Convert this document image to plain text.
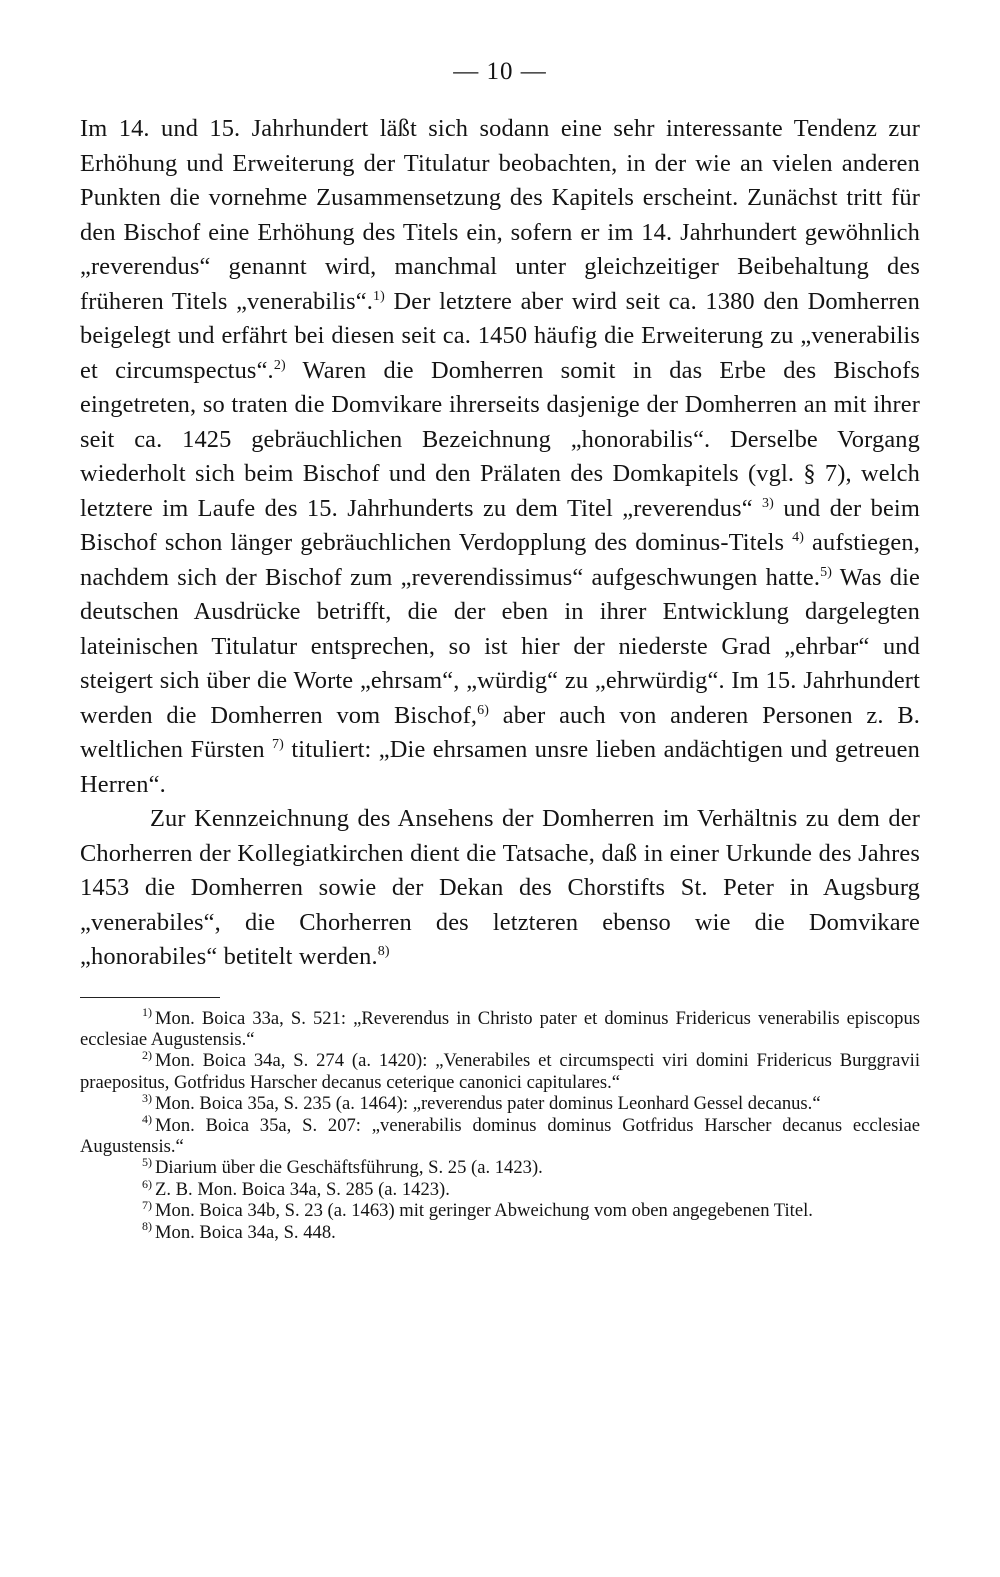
— 10 —

Im 14. und 15. Jahrhundert läßt sich sodann eine sehr interessante Tendenz zur Erhöhung und Erweiterung der Titulatur beobachten, in der wie an vielen anderen Punkten die vornehme Zusammensetzung des Kapitels erscheint. Zunächst tritt für den Bischof eine Erhöhung des Titels ein, sofern er im 14. Jahrhundert gewöhnlich „reverendus“ genannt wird, manchmal unter gleichzeitiger Beibehaltung des früheren Titels „venerabilis“.$^{1)}$ Der letztere aber wird seit ca. 1380 den Domherren beigelegt und erfährt bei diesen seit ca. 1450 häufig die Erweiterung zu „venerabilis et circumspectus“.$^{2)}$ Waren die Domherren somit in das Erbe des Bischofs eingetreten, so traten die Domvikare ihrerseits dasjenige der Domherren an mit ihrer seit ca. 1425 gebräuchlichen Bezeichnung „honorabilis“. Derselbe Vorgang wiederholt sich beim Bischof und den Prälaten des Domkapitels (vgl. § 7), welch letztere im Laufe des 15. Jahrhunderts zu dem Titel „reverendus“ $^{3)}$ und der beim Bischof schon länger gebräuchlichen Verdopplung des dominus-Titels $^{4)}$ aufstiegen, nachdem sich der Bischof zum „reverendissimus“ aufgeschwungen hatte.$^{5)}$ Was die deutschen Ausdrücke betrifft, die der eben in ihrer Entwicklung dargelegten lateinischen Titulatur entsprechen, so ist hier der niederste Grad „ehrbar“ und steigert sich über die Worte „ehrsam“, „würdig“ zu „ehrwürdig“. Im 15. Jahrhundert werden die Domherren vom Bischof,$^{6)}$ aber auch von anderen Personen z. B. weltlichen Fürsten $^{7)}$ tituliert: „Die ehrsamen unsre lieben andächtigen und getreuen Herren“.

Zur Kennzeichnung des Ansehens der Domherren im Verhältnis zu dem der Chorherren der Kollegiatkirchen dient die Tatsache, daß in einer Urkunde des Jahres 1453 die Domherren sowie der Dekan des Chorstifts St. Peter in Augsburg „venerabiles“, die Chorherren des letzteren ebenso wie die Domvikare „honorabiles“ betitelt werden.$^{8)}$

$^{1)}$ Mon. Boica 33a, S. 521: „Reverendus in Christo pater et dominus Fridericus venerabilis episcopus ecclesiae Augustensis.“

$^{2)}$ Mon. Boica 34a, S. 274 (a. 1420): „Venerabiles et circumspecti viri domini Fridericus Burggravii praepositus, Gotfridus Harscher decanus ceterique canonici capitulares.“

$^{3)}$ Mon. Boica 35a, S. 235 (a. 1464): „reverendus pater dominus Leonhard Gessel decanus.“

$^{4)}$ Mon. Boica 35a, S. 207: „venerabilis dominus dominus Gotfridus Harscher decanus ecclesiae Augustensis.“

$^{5)}$ Diarium über die Geschäftsführung, S. 25 (a. 1423).

$^{6)}$ Z. B. Mon. Boica 34a, S. 285 (a. 1423).

$^{7)}$ Mon. Boica 34b, S. 23 (a. 1463) mit geringer Abweichung vom oben angegebenen Titel.

$^{8)}$ Mon. Boica 34a, S. 448.
